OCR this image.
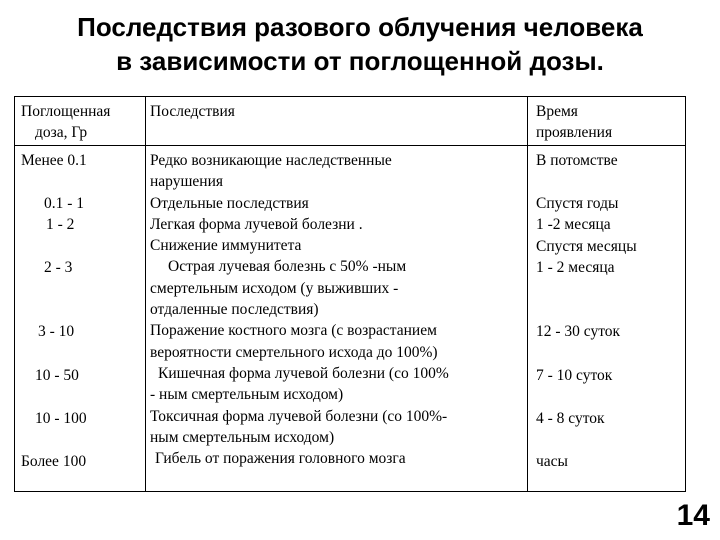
Последствия разового облучения человека
в зависимости от поглощенной дозы.
Поглощенная
доза, Гр
Последствия	Время
проявления
Менее 0.1
0.1 - 1
1 - 2
2 - 3
3 - 10
10 - 50
10 - 100
Более 100
Редко возникающие наследственные
нарушения
Отдельные последствия
Легкая форма лучевой болезни .
Снижение иммунитета
Острая лучевая болезнь с 50% -ным
смертельным исходом (у выживших -
отдаленные последствия)
Поражение костного мозга (с возрастанием
вероятности смертельного исхода до 100%)
Кишечная форма лучевой болезни (со 100%
- ным смертельным исходом)
Токсичная форма лучевой болезни (со 100%-
ным смертельным исходом)
Гибель от поражения головного мозга
В потомстве
Спустя годы
1 -2 месяца
Спустя месяцы
1 - 2 месяца
12 - 30 суток
7 - 10 суток
4 - 8 суток
часы
14
